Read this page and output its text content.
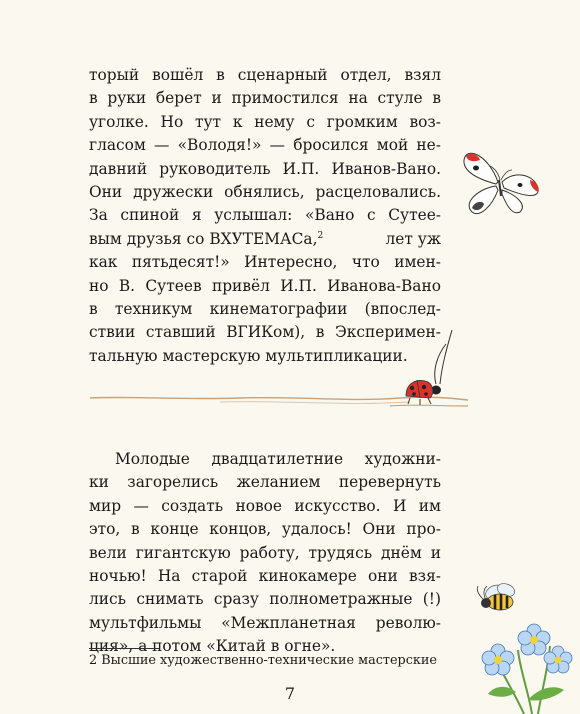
торый вошёл в сценарный отдел, взял
в руки берет и примостился на стуле в
уголке. Но тут к нему с громким воз-
гласом — «Володя!» — бросился мой не-
давний руководитель И.П. Иванов-Вано.
Они дружески обнялись, расцеловались.
За спиной я услышал: «Вано с Сутее-
вым друзья со ВХУТЕМАСа,$^2$	лет уж
как пятьдесят!» Интересно, что имен-
но В. Сутеев привёл И.П. Иванова-Вано
в техникум кинематографии (впослед-
ствии ставший ВГИКом), в Эксперимен-
тальную мастерскую мультипликации.
Молодые двадцатилетние художни-
ки загорелись желанием перевернуть
мир — создать новое искусство. И им
это, в конце концов, удалось! Они про-
вели гигантскую работу, трудясь днём и
ночью! На старой кинокамере они взя-
лись снимать сразу полнометражные (!)
мультфильмы «Межпланетная револю-
ция», а потом «Китай в огне».
2 Высшие художественно-технические мастерские
7
